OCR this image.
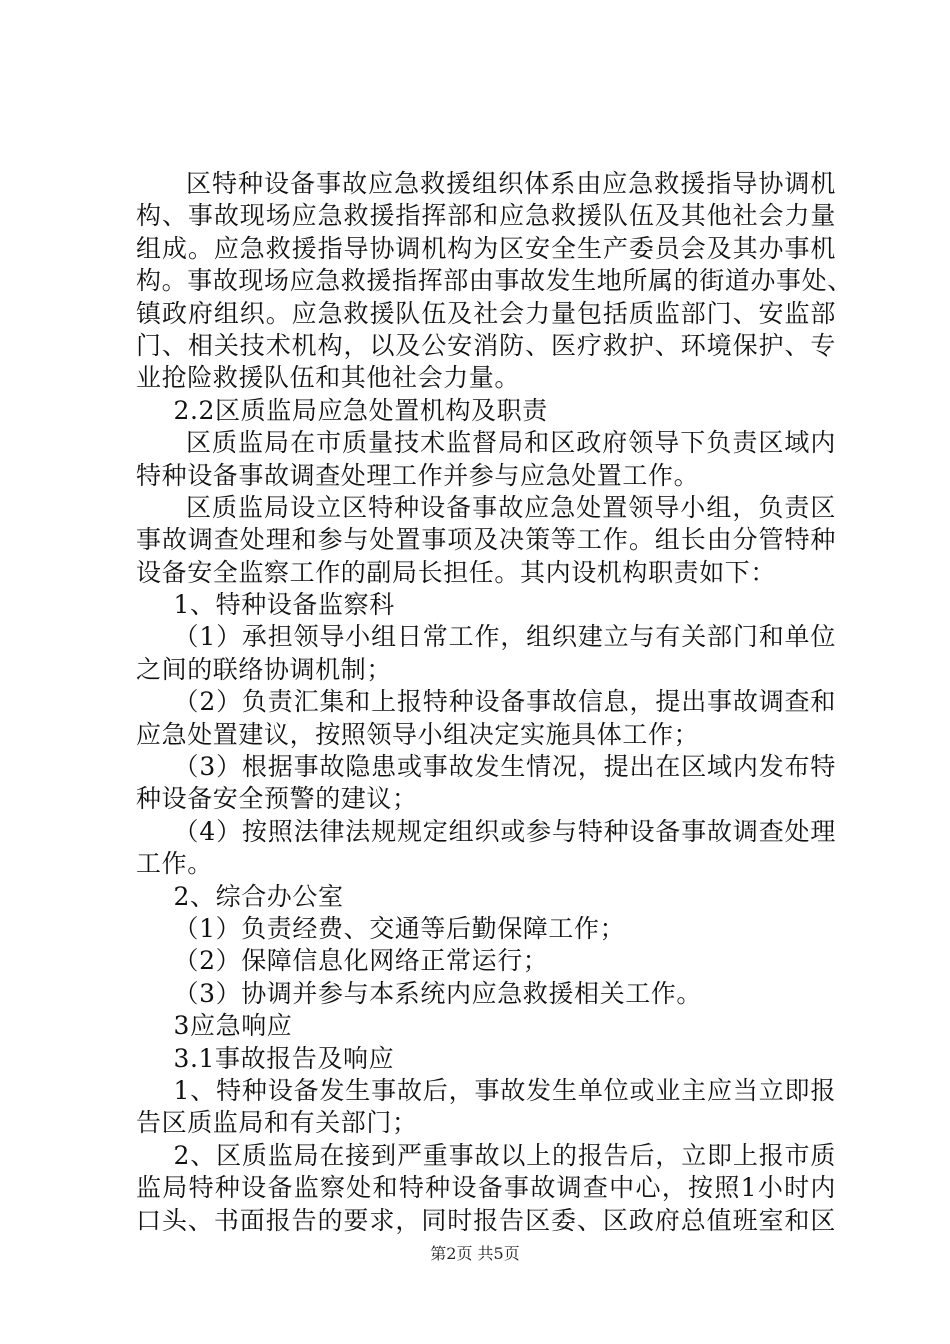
区特种设备事故应急救援组织体系由应急救援指导协调机
构、事故现场应急救援指挥部和应急救援队伍及其他社会力量
组成。应急救援指导协调机构为区安全生产委员会及其办事机
构。事故现场应急救援指挥部由事故发生地所属的街道办事处、
镇政府组织。应急救援队伍及社会力量包括质监部门、安监部
门、相关技术机构，以及公安消防、医疗救护、环境保护、专
业抢险救援队伍和其他社会力量。
2.2区质监局应急处置机构及职责
区质监局在市质量技术监督局和区政府领导下负责区域内
特种设备事故调查处理工作并参与应急处置工作。
区质监局设立区特种设备事故应急处置领导小组，负责区
事故调查处理和参与处置事项及决策等工作。组长由分管特种
设备安全监察工作的副局长担任。其内设机构职责如下：
1、特种设备监察科
（1）承担领导小组日常工作，组织建立与有关部门和单位
之间的联络协调机制；
（2）负责汇集和上报特种设备事故信息，提出事故调查和
应急处置建议，按照领导小组决定实施具体工作；
（3）根据事故隐患或事故发生情况，提出在区域内发布特
种设备安全预警的建议；
（4）按照法律法规规定组织或参与特种设备事故调查处理
工作。
2、综合办公室
（1）负责经费、交通等后勤保障工作；
（2）保障信息化网络正常运行；
（3）协调并参与本系统内应急救援相关工作。
3应急响应
3.1事故报告及响应
1、特种设备发生事故后，事故发生单位或业主应当立即报
告区质监局和有关部门；
2、区质监局在接到严重事故以上的报告后，立即上报市质
监局特种设备监察处和特种设备事故调查中心，按照1小时内
口头、书面报告的要求，同时报告区委、区政府总值班室和区
第2页 共5页
